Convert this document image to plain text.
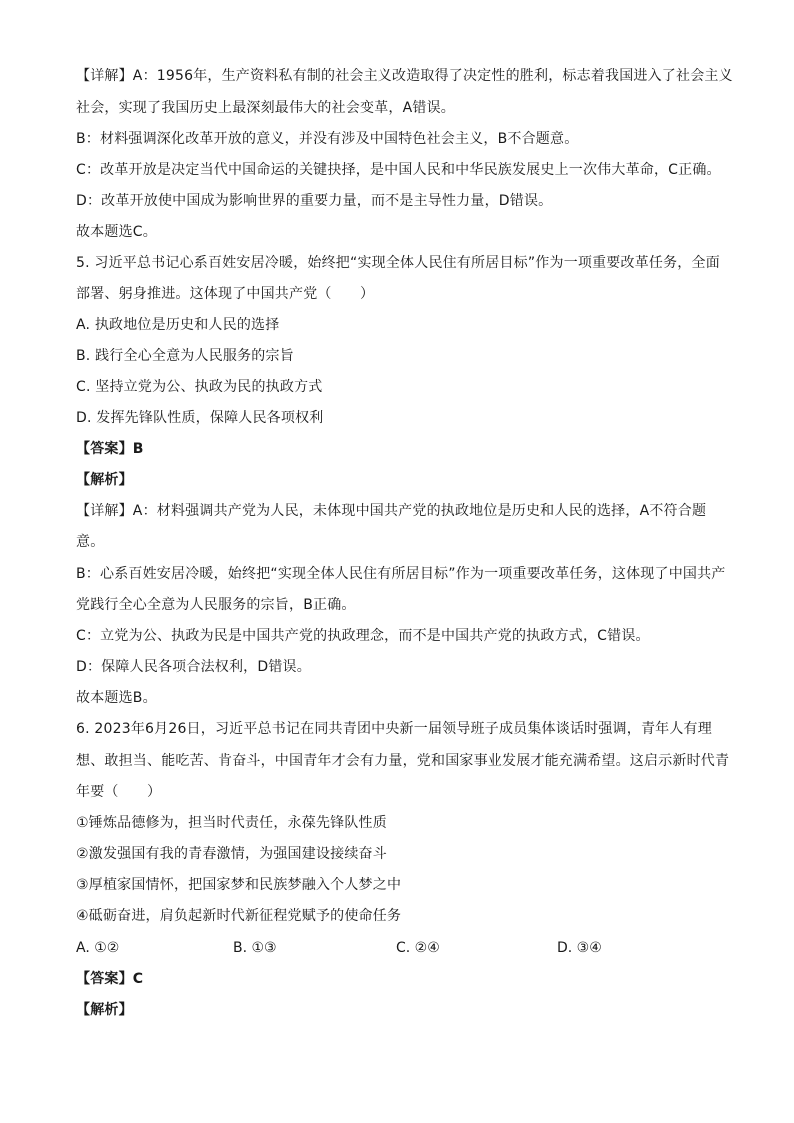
【详解】A：1956年，生产资料私有制的社会主义改造取得了决定性的胜利，标志着我国进入了社会主义
社会，实现了我国历史上最深刻最伟大的社会变革，A错误。
B：材料强调深化改革开放的意义，并没有涉及中国特色社会主义，B不合题意。
C：改革开放是决定当代中国命运的关键抉择，是中国人民和中华民族发展史上一次伟大革命，C正确。
D：改革开放使中国成为影响世界的重要力量，而不是主导性力量，D错误。
故本题选C。
5. 习近平总书记心系百姓安居冷暖，始终把“实现全体人民住有所居目标”作为一项重要改革任务，全面
部署、躬身推进。这体现了中国共产党（　　）
A. 执政地位是历史和人民的选择
B. 践行全心全意为人民服务的宗旨
C. 坚持立党为公、执政为民的执政方式
D. 发挥先锋队性质，保障人民各项权利
【答案】B
【解析】
【详解】A：材料强调共产党为人民，未体现中国共产党的执政地位是历史和人民的选择，A不符合题
意。
B：心系百姓安居冷暖，始终把“实现全体人民住有所居目标”作为一项重要改革任务，这体现了中国共产
党践行全心全意为人民服务的宗旨，B正确。
C：立党为公、执政为民是中国共产党的执政理念，而不是中国共产党的执政方式，C错误。
D：保障人民各项合法权利，D错误。
故本题选B。
6. 2023年6月26日，习近平总书记在同共青团中央新一届领导班子成员集体谈话时强调，青年人有理
想、敢担当、能吃苦、肯奋斗，中国青年才会有力量，党和国家事业发展才能充满希望。这启示新时代青
年要（　　）
①锤炼品德修为，担当时代责任，永葆先锋队性质
②激发强国有我的青春激情，为强国建设接续奋斗
③厚植家国情怀，把国家梦和民族梦融入个人梦之中
④砥砺奋进，肩负起新时代新征程党赋予的使命任务
A. ①②	B. ①③	C. ②④	D. ③④
【答案】C
【解析】
